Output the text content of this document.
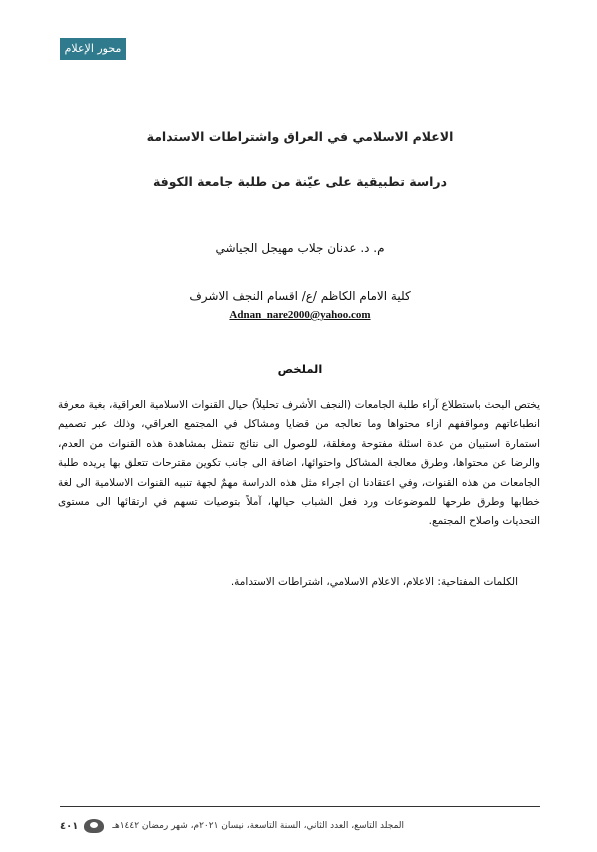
محور الإعلام
الاعلام الاسلامي في العراق واشتراطات الاستدامة
دراسة تطبيقية على عيّنة من طلبة جامعة الكوفة
م. د. عدنان جلاب مهيجل الجياشي
كلية الامام الكاظم /ع/ اقسام النجف الاشرف
Adnan_nare2000@yahoo.com
الملخص
يختص البحث باستطلاع آراء طلبة الجامعات (النجف الأشرف تحليلاً) حيال القنوات الاسلامية العراقية، بغية معرفة انطباعاتهم ومواقفهم ازاء محتواها وما تعالجه من قضايا ومشاكل في المجتمع العراقي، وذلك عبر تصميم استمارة استبيان من عدة اسئلة مفتوحة ومغلقة، للوصول الى نتائج تتمثل بمشاهدة هذه القنوات من العدم، والرضا عن محتواها، وطرق معالجة المشاكل واحتوائها، اضافة الى جانب تكوين مقترحات تتعلق بها يريده طلبة الجامعات من هذه القنوات، وفي اعتقادنا ان اجراء مثل هذه الدراسة مهمٌ لجهة تنبيه القنوات الاسلامية الى لغة خطابها وطرق طرحها للموضوعات ورد فعل الشباب حيالها، آملاً بتوصيات تسهم في ارتقائها الى مستوى التحديات واصلاح المجتمع.
الكلمات المفتاحية: الاعلام، الاعلام الاسلامي، اشتراطات الاستدامة.
٤٠١	المجلد التاسع، العدد الثاني، السنة التاسعة، نيسان ٢٠٢١م، شهر رمضان ١٤٤٢هـ
